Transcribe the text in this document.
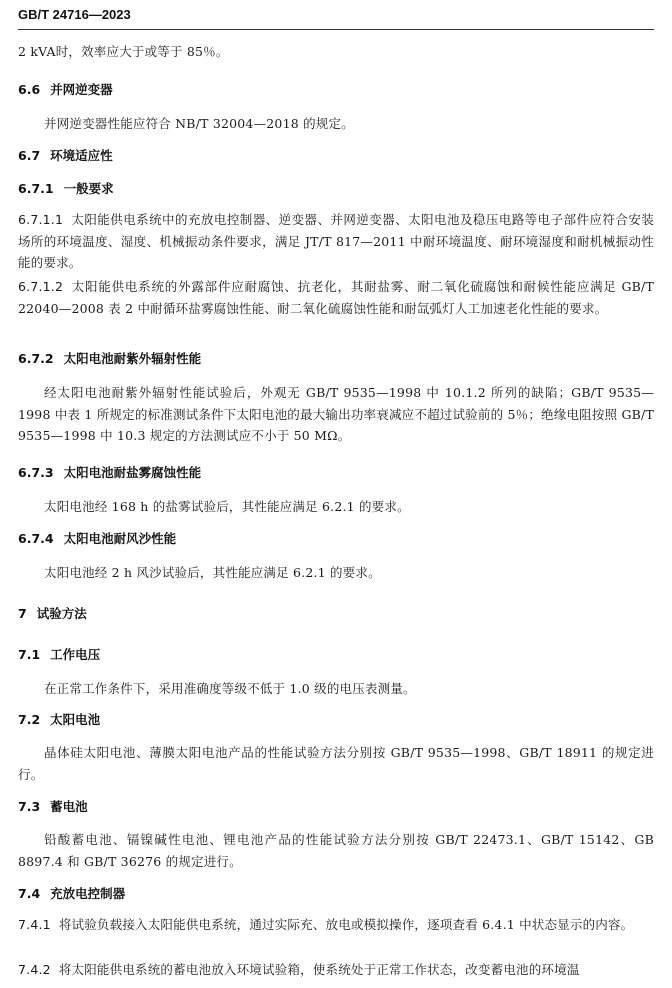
GB/T 24716—2023
2 kVA时，效率应大于或等于 85％。
6.6 并网逆变器
并网逆变器性能应符合 NB/T 32004—2018 的规定。
6.7 环境适应性
6.7.1 一般要求
6.7.1.1 太阳能供电系统中的充放电控制器、逆变器、并网逆变器、太阳电池及稳压电路等电子部件应符合安装场所的环境温度、湿度、机械振动条件要求，满足 JT/T 817—2011 中耐环境温度、耐环境湿度和耐机械振动性能的要求。
6.7.1.2 太阳能供电系统的外露部件应耐腐蚀、抗老化，其耐盐雾、耐二氧化硫腐蚀和耐候性能应满足 GB/T 22040—2008 表 2 中耐循环盐雾腐蚀性能、耐二氧化硫腐蚀性能和耐氙弧灯人工加速老化性能的要求。
6.7.2 太阳电池耐紫外辐射性能
经太阳电池耐紫外辐射性能试验后，外观无 GB/T 9535—1998 中 10.1.2 所列的缺陷；GB/T 9535—1998 中表 1 所规定的标准测试条件下太阳电池的最大输出功率衰减应不超过试验前的 5％；绝缘电阻按照 GB/T 9535—1998 中 10.3 规定的方法测试应不小于 50 MΩ。
6.7.3 太阳电池耐盐雾腐蚀性能
太阳电池经 168 h 的盐雾试验后，其性能应满足 6.2.1 的要求。
6.7.4 太阳电池耐风沙性能
太阳电池经 2 h 风沙试验后，其性能应满足 6.2.1 的要求。
7 试验方法
7.1 工作电压
在正常工作条件下，采用准确度等级不低于 1.0 级的电压表测量。
7.2 太阳电池
晶体硅太阳电池、薄膜太阳电池产品的性能试验方法分别按 GB/T 9535—1998、GB/T 18911 的规定进行。
7.3 蓄电池
铅酸蓄电池、镉镍碱性电池、锂电池产品的性能试验方法分别按 GB/T 22473.1、GB/T 15142、GB 8897.4 和 GB/T 36276 的规定进行。
7.4 充放电控制器
7.4.1 将试验负载接入太阳能供电系统，通过实际充、放电或模拟操作，逐项查看 6.4.1 中状态显示的内容。
7.4.2 将太阳能供电系统的蓄电池放入环境试验箱，使系统处于正常工作状态，改变蓄电池的环境温
